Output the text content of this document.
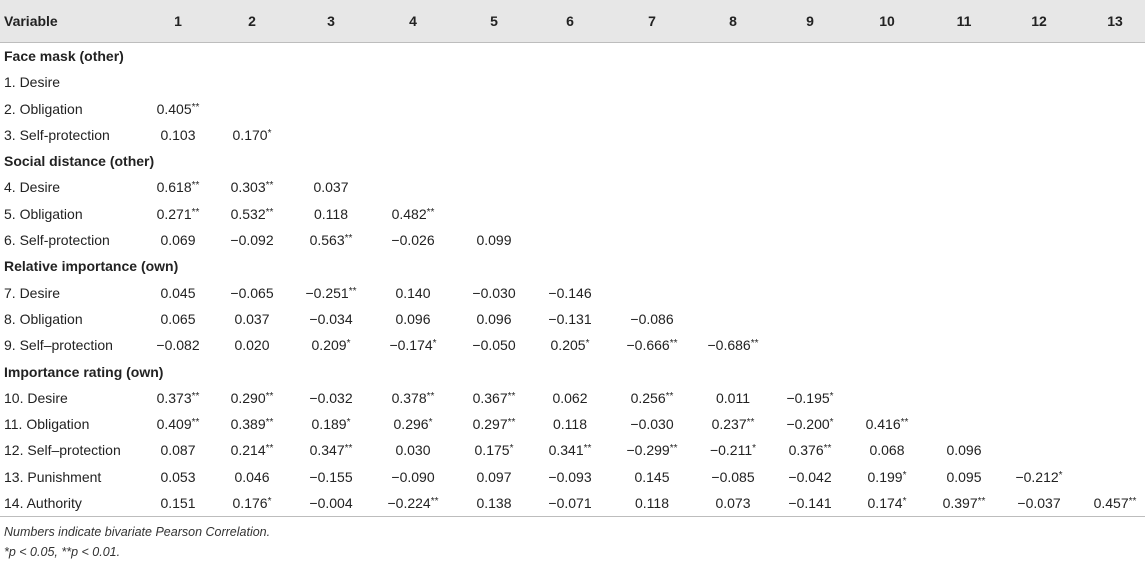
Variable	1	2	3	4	5	6	7	8	9	10	11	12	13
Face mask (other)
1. Desire
2. Obligation	0.405**
3. Self-protection	0.103	0.170*
Social distance (other)
4. Desire	0.618** 0.303**	0.037
5. Obligation	0.271** 0.532**	0.118	0.482**
6. Self-protection	0.069 −0.092	0.563**	−0.026	0.099
Relative importance (own)
7. Desire	0.045 −0.065 −0.251**	0.140	−0.030 −0.146
8. Obligation	0.065	0.037	−0.034	0.096	0.096	−0.131	−0.086
9. Self–protection	−0.082 0.020	0.209*	−0.174*	−0.050 0.205*	−0.666** −0.686**
Importance rating (own)
10. Desire	0.373** 0.290**	−0.032	0.378**	0.367**	0.062	0.256**	0.011	−0.195*
11. Obligation	0.409** 0.389**	0.189*	0.296*	0.297**	0.118	−0.030	0.237** −0.200* 0.416**
12. Self–protection	0.087	0.214**	0.347**	0.030	0.175*	0.341**	−0.299** −0.211* 0.376**	0.068	0.096
13. Punishment	0.053	0.046	−0.155	−0.090	0.097	−0.093	0.145	−0.085 −0.042	0.199*	0.095 −0.212*
14. Authority	0.151	0.176*	−0.004 −0.224**	0.138	−0.071	0.118	0.073	−0.141	0.174*	0.397** −0.037 0.457**
Numbers indicate bivariate Pearson Correlation.
*p < 0.05, **p < 0.01.
